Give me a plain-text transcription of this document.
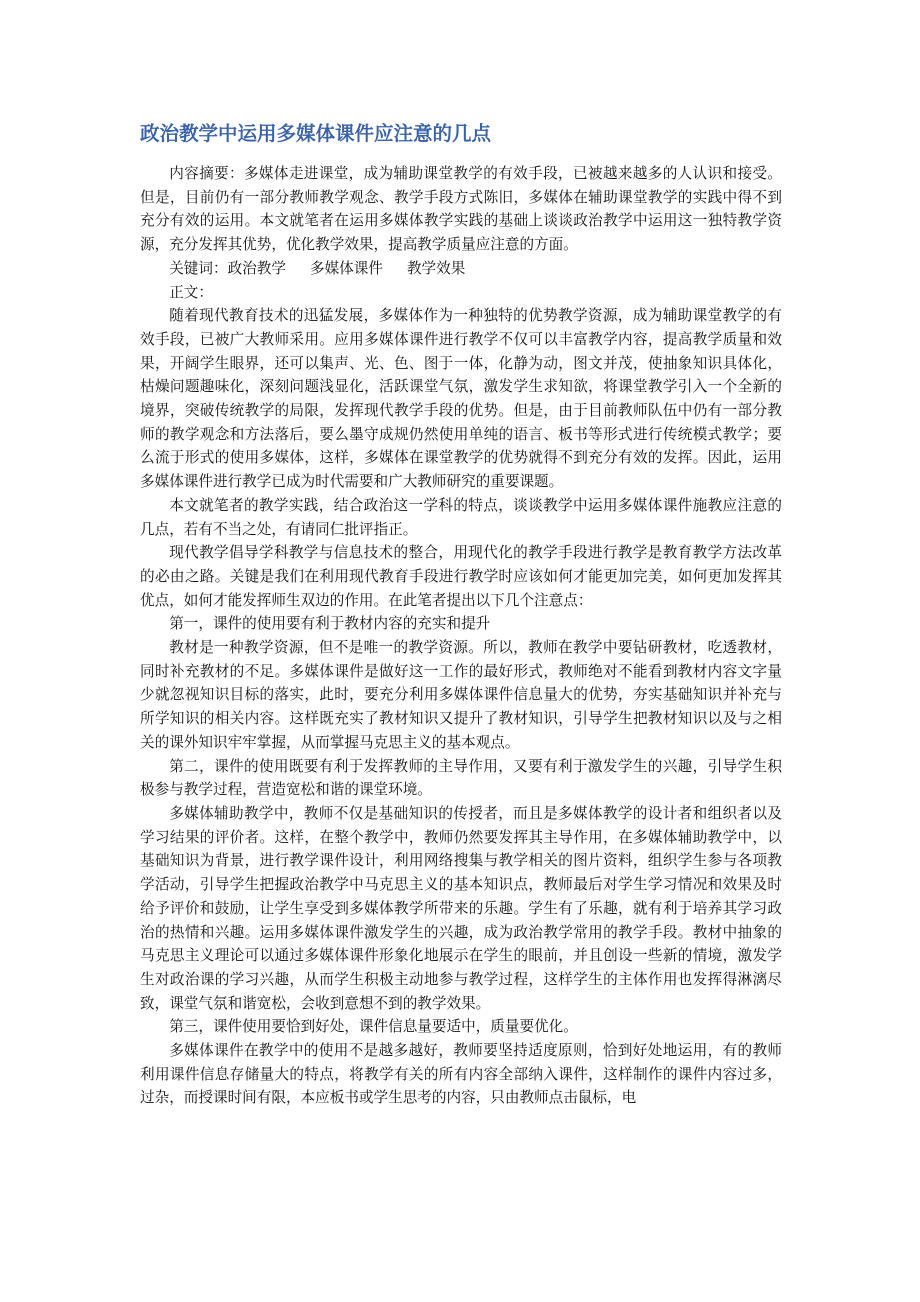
政治教学中运用多媒体课件应注意的几点

内容摘要：多媒体走进课堂，成为辅助课堂教学的有效手段，已被越来越多的人认识和接受。但是，目前仍有一部分教师教学观念、教学手段方式陈旧，多媒体在辅助课堂教学的实践中得不到充分有效的运用。本文就笔者在运用多媒体教学实践的基础上谈谈政治教学中运用这一独特教学资源，充分发挥其优势，优化教学效果，提高教学质量应注意的方面。

关键词：政治教学 多媒体课件 教学效果

正文：

随着现代教育技术的迅猛发展，多媒体作为一种独特的优势教学资源，成为辅助课堂教学的有效手段，已被广大教师采用。应用多媒体课件进行教学不仅可以丰富教学内容，提高教学质量和效果，开阔学生眼界，还可以集声、光、色、图于一体，化静为动，图文并茂，使抽象知识具体化，枯燥问题趣味化，深刻问题浅显化，活跃课堂气氛，激发学生求知欲，将课堂教学引入一个全新的境界，突破传统教学的局限，发挥现代教学手段的优势。但是，由于目前教师队伍中仍有一部分教师的教学观念和方法落后，要么墨守成规仍然使用单纯的语言、板书等形式进行传统模式教学；要么流于形式的使用多媒体，这样，多媒体在课堂教学的优势就得不到充分有效的发挥。因此，运用多媒体课件进行教学已成为时代需要和广大教师研究的重要课题。

本文就笔者的教学实践，结合政治这一学科的特点，谈谈教学中运用多媒体课件施教应注意的几点，若有不当之处，有请同仁批评指正。

现代教学倡导学科教学与信息技术的整合，用现代化的教学手段进行教学是教育教学方法改革的必由之路。关键是我们在利用现代教育手段进行教学时应该如何才能更加完美，如何更加发挥其优点，如何才能发挥师生双边的作用。在此笔者提出以下几个注意点：

第一，课件的使用要有利于教材内容的充实和提升

教材是一种教学资源，但不是唯一的教学资源。所以，教师在教学中要钻研教材，吃透教材，同时补充教材的不足。多媒体课件是做好这一工作的最好形式，教师绝对不能看到教材内容文字量少就忽视知识目标的落实，此时，要充分利用多媒体课件信息量大的优势，夯实基础知识并补充与所学知识的相关内容。这样既充实了教材知识又提升了教材知识，引导学生把教材知识以及与之相关的课外知识牢牢掌握，从而掌握马克思主义的基本观点。

第二，课件的使用既要有利于发挥教师的主导作用，又要有利于激发学生的兴趣，引导学生积极参与教学过程，营造宽松和谐的课堂环境。

多媒体辅助教学中，教师不仅是基础知识的传授者，而且是多媒体教学的设计者和组织者以及学习结果的评价者。这样，在整个教学中，教师仍然要发挥其主导作用，在多媒体辅助教学中，以基础知识为背景，进行教学课件设计，利用网络搜集与教学相关的图片资料，组织学生参与各项教学活动，引导学生把握政治教学中马克思主义的基本知识点，教师最后对学生学习情况和效果及时给予评价和鼓励，让学生享受到多媒体教学所带来的乐趣。学生有了乐趣，就有利于培养其学习政治的热情和兴趣。运用多媒体课件激发学生的兴趣，成为政治教学常用的教学手段。教材中抽象的马克思主义理论可以通过多媒体课件形象化地展示在学生的眼前，并且创设一些新的情境，激发学生对政治课的学习兴趣，从而学生积极主动地参与教学过程，这样学生的主体作用也发挥得淋漓尽致，课堂气氛和谐宽松，会收到意想不到的教学效果。

第三，课件使用要恰到好处，课件信息量要适中，质量要优化。

多媒体课件在教学中的使用不是越多越好，教师要坚持适度原则，恰到好处地运用，有的教师利用课件信息存储量大的特点，将教学有关的所有内容全部纳入课件，这样制作的课件内容过多，过杂，而授课时间有限，本应板书或学生思考的内容，只由教师点击鼠标，电
